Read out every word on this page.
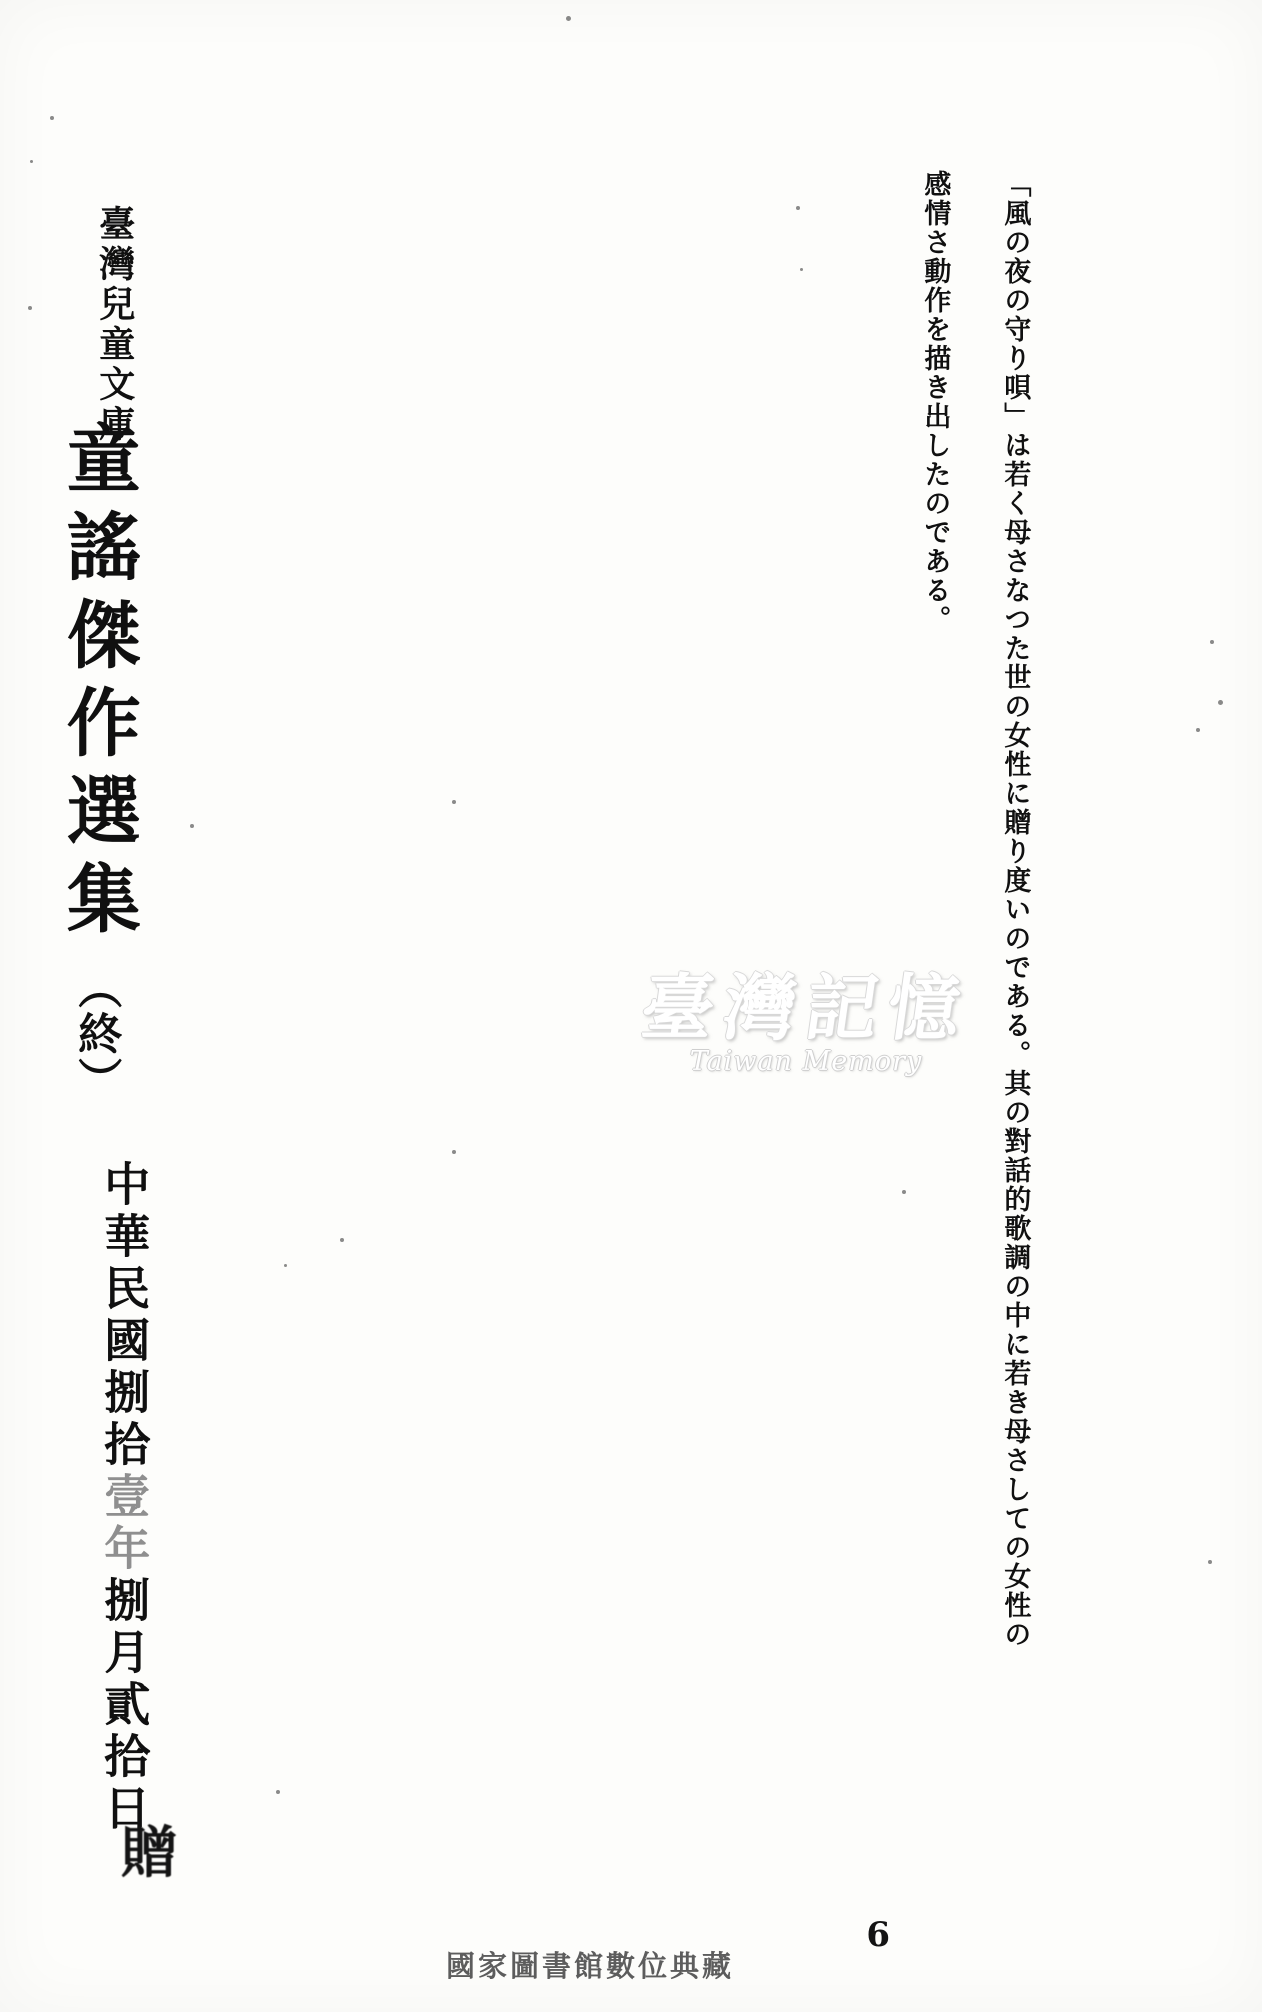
「風の夜の守り唄」は若く母さなつた世の女性に贈り度いのである。其の對話的歌調の中に若き母さしての女性の
感情さ動作を描き出したのである。
臺灣兒童文庫
童謠傑作選集
（終）
中華民國捌拾壹年捌月貳拾日
贈
臺灣記憶
Taiwan Memory
6
國家圖書館數位典藏
